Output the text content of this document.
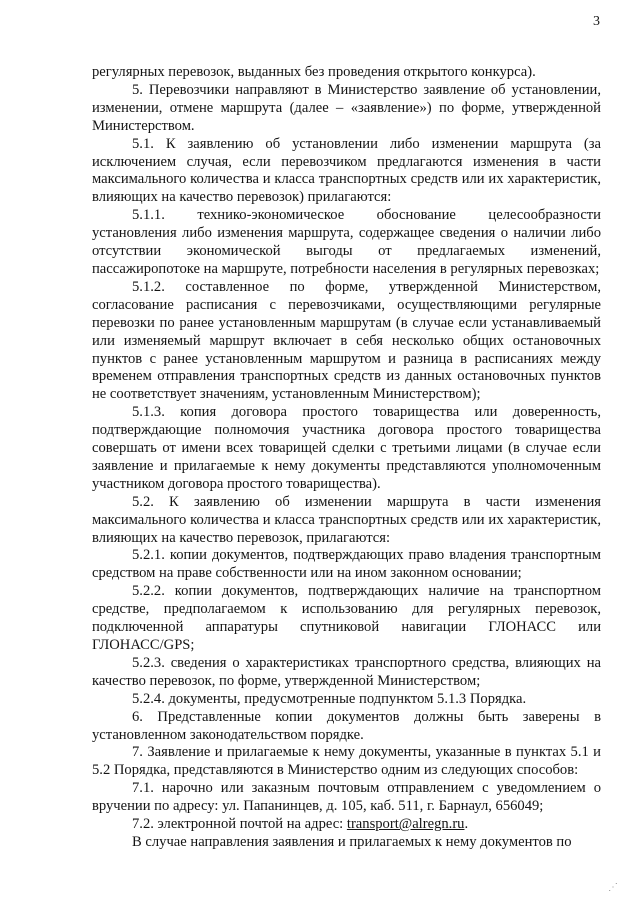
3

регулярных перевозок, выданных без проведения открытого конкурса).

5. Перевозчики направляют в Министерство заявление об установлении, изменении, отмене маршрута (далее – «заявление») по форме, утвержденной Министерством.

5.1. К заявлению об установлении либо изменении маршрута (за исключением случая, если перевозчиком предлагаются изменения в части максимального количества и класса транспортных средств или их характеристик, влияющих на качество перевозок) прилагаются:

5.1.1. технико-экономическое обоснование целесообразности установления либо изменения маршрута, содержащее сведения о наличии либо отсутствии экономической выгоды от предлагаемых изменений, пассажиропотоке на маршруте, потребности населения в регулярных перевозках;

5.1.2. составленное по форме, утвержденной Министерством, согласование расписания с перевозчиками, осуществляющими регулярные перевозки по ранее установленным маршрутам (в случае если устанавливаемый или изменяемый маршрут включает в себя несколько общих остановочных пунктов с ранее установленным маршрутом и разница в расписаниях между временем отправления транспортных средств из данных остановочных пунктов не соответствует значениям, установленным Министерством);

5.1.3. копия договора простого товарищества или доверенность, подтверждающие полномочия участника договора простого товарищества совершать от имени всех товарищей сделки с третьими лицами (в случае если заявление и прилагаемые к нему документы представляются уполномоченным участником договора простого товарищества).

5.2. К заявлению об изменении маршрута в части изменения максимального количества и класса транспортных средств или их характеристик, влияющих на качество перевозок, прилагаются:

5.2.1. копии документов, подтверждающих право владения транспортным средством на праве собственности или на ином законном основании;

5.2.2. копии документов, подтверждающих наличие на транспортном средстве, предполагаемом к использованию для регулярных перевозок, подключенной аппаратуры спутниковой навигации ГЛОНАСС или ГЛОНАСС/GPS;

5.2.3. сведения о характеристиках транспортного средства, влияющих на качество перевозок, по форме, утвержденной Министерством;

5.2.4. документы, предусмотренные подпунктом 5.1.3 Порядка.

6. Представленные копии документов должны быть заверены в установленном законодательством порядке.

7. Заявление и прилагаемые к нему документы, указанные в пунктах 5.1 и 5.2 Порядка, представляются в Министерство одним из следующих способов:

7.1. нарочно или заказным почтовым отправлением с уведомлением о вручении по адресу: ул. Папанинцев, д. 105, каб. 511, г. Барнаул, 656049;

7.2. электронной почтой на адрес: transport@alregn.ru.

В случае направления заявления и прилагаемых к нему документов по

⋰
